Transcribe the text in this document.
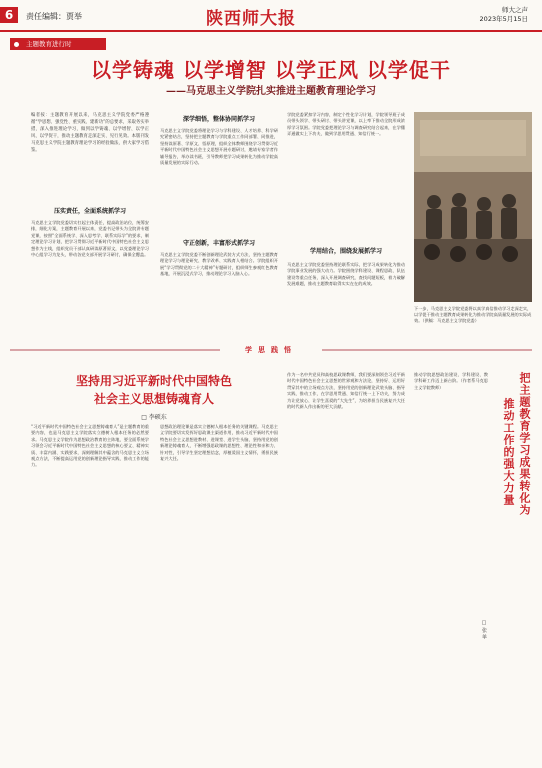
6	责任编辑：贾举	陕西师大报	师大之声
2023年5月15日
主题教育进行时
以学铸魂 以学增智 以学正风 以学促干
——马克思主义学院扎实推进主题教育理论学习
编者按：主题教育开展以来，马克思主义学院党委严格遵循“学思想、强党性、重实践、建新功”的总要求，采取务实举措，深入推进理论学习，做到以学铸魂、以学增智、以学正风、以学促干，推动主题教育走深走实、见行见效。本版刊发马克思主义学院主题教育理论学习的经验做法，供大家学习借鉴。
压实责任，全面系统抓学习
马克思主义学院党委切实扛起主体责任，提高政治站位，统筹安排，细化方案，主题教育开展以来，党委书记带头为全院讲专题党课，按照“全面系统学、深入思考学、联系实际学”的要求，制定理论学习计划，把学习贯彻习近平新时代中国特色社会主义思想作为主线，组织党员干部认真研读原著原文，以党委理论学习中心组学习为龙头，带动各党支部开展学习研讨，确保全覆盖。
深学细悟，整体协同抓学习
马克思主义学院党委将理论学习与学科建设、人才培养、科学研究紧密结合，坚持把主题教育与学院重点工作同部署、同推进，坚持读原著、学原文、悟原理，组织全体教师围绕学习贯彻习近平新时代中国特色社会主义思想开展专题研讨，邀请专家学者作辅导报告，举办读书班，引导教师把学习成果转化为推动学院高质量发展的实际行动。
守正创新，丰富形式抓学习
马克思主义学院党委不断创新理论武装方式方法，坚持主题教育理论学习与理论研究、教学改革、实践育人相结合。学院组织开展“学习贯彻党的二十大精神”专题研讨，组织师生参观红色教育基地，开展沉浸式学习，推动理论学习入脑入心。
学院党委紧扣学习内容，制定个性化学习计划，学院领导班子成员带头领学、带头研讨、带头讲党课，以上率下推动全院形成浓厚学习氛围。学院党委把理论学习与调查研究结合起来，在学懂弄通做实上下功夫，做到学思用贯通、知信行统一。
学用结合，围绕发展抓学习
马克思主义学院党委坚持理论联系实际，把学习成果转化为推动学院事业发展的强大动力。学院围绕学科建设、课程思政、队伍建设等重点任务，深入开展调查研究，查找问题短板，着力破解发展难题，推动主题教育取得实实在在的成效。
下一步，马克思主义学院党委将以真学真信推动学习走深走实，以学促干推动主题教育成果转化为推动学院高质量发展的实际成效。（供稿：马克思主义学院党委）
学思践悟
坚持用习近平新时代中国特色
社会主义思想铸魂育人
□ 李硕东
“习近平新时代中国特色社会主义思想铸魂育人”是主题教育的重要内容，也是马克思主义学院落实立德树人根本任务的必然要求。马克思主义学院作为思想政治教育的主阵地，要全面系统学习领会习近平新时代中国特色社会主义思想的核心要义、精神实质、丰富内涵、实践要求，深刻理解其中蕴含的马克思主义立场观点方法，不断提高运用党的创新理论指导实践、推动工作的能力。
思想政治理论课是落实立德树人根本任务的关键课程。马克思主义学院要切实发挥好思政课主渠道作用，推动习近平新时代中国特色社会主义思想进教材、进课堂、进学生头脑，坚持用党的创新理论铸魂育人，不断增强思政课的思想性、理论性和亲和力、针对性，引导学生坚定理想信念，厚植爱国主义情怀，勇担民族复兴大任。
作为一名中共党员和高校思政课教师，我们要深刻领会习近平新时代中国特色社会主义思想的世界观和方法论，坚持好、运用好贯穿其中的立场观点方法，坚持用党的创新理论武装头脑、指导实践、推动工作，在学思用贯通、知信行统一上下功夫，努力成为让党放心、让学生喜爱的“大先生”，为培养担当民族复兴大任的时代新人作出新的更大贡献。
推动学院思想政治建设、学科建设、教学科研工作迈上新台阶。（作者系马克思主义学院教师）	把主题教育学习成果转化为
推动工作的强大力量
□ 张 单
